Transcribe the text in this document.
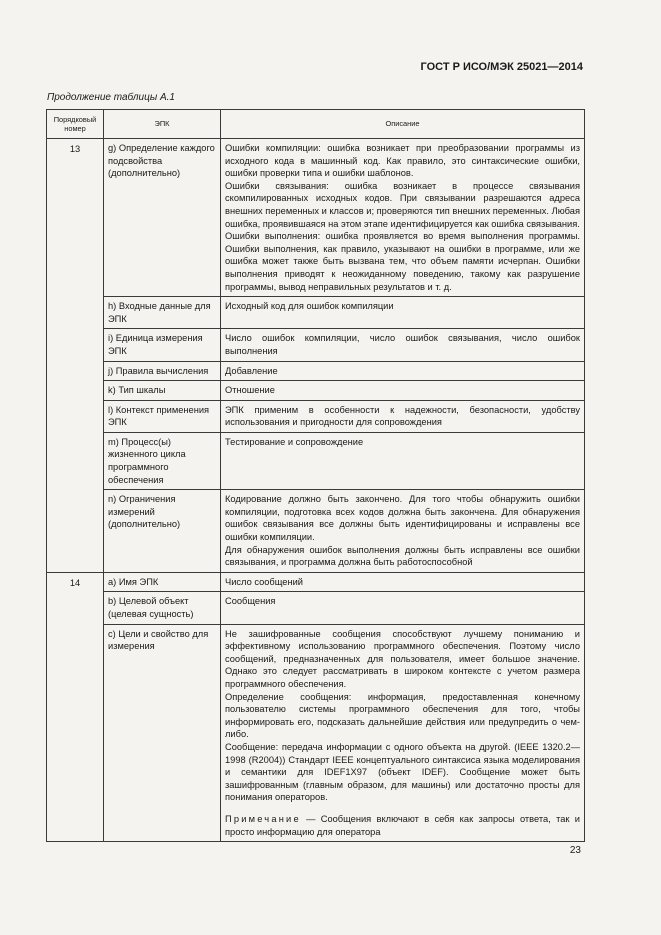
ГОСТ Р ИСО/МЭК 25021—2014
Продолжение таблицы А.1
Порядковый номер	ЭПК	Описание
13	g) Определение каждого подсвойства (дополнительно)	Ошибки компиляции: ошибка возникает при преобразовании программы из исходного кода в машинный код. Как правило, это синтаксические ошибки, ошибки проверки типа и ошибки шаблонов.

Ошибки связывания: ошибка возникает в процессе связывания скомпилированных исходных кодов. При связывании разрешаются адреса внешних переменных и классов и; проверяются тип внешних переменных. Любая ошибка, проявившаяся на этом этапе идентифицируется как ошибка связывания.

Ошибки выполнения: ошибка проявляется во время выполнения программы. Ошибки выполнения, как правило, указывают на ошибки в программе, или же ошибка может также быть вызвана тем, что объем памяти исчерпан. Ошибки выполнения приводят к неожиданному поведению, такому как разрушение программы, вывод неправильных результатов и т. д.

	h) Входные данные для ЭПК	Исходный код для ошибок компиляции
	i) Единица измерения ЭПК	Число ошибок компиляции, число ошибок связывания, число ошибок выполнения
	j) Правила вычисления	Добавление
	k) Тип шкалы	Отношение
	l) Контекст применения ЭПК	ЭПК применим в особенности к надежности, безопасности, удобству использования и пригодности для сопровождения
	m) Процесс(ы) жизненного цикла программного обеспечения	Тестирование и сопровождение
	n) Ограничения измерений (дополнительно)	Кодирование должно быть закончено. Для того чтобы обнаружить ошибки компиляции, подготовка всех кодов должна быть закончена. Для обнаружения ошибок связывания все должны быть идентифицированы и исправлены все ошибки компиляции.

Для обнаружения ошибок выполнения должны быть исправлены все ошибки связывания, и программа должна быть работоспособной

14	а) Имя ЭПК	Число сообщений
	b) Целевой объект (целевая сущность)	Сообщения
	c) Цели и свойство для измерения	Не зашифрованные сообщения способствуют лучшему пониманию и эффективному использованию программного обеспечения. Поэтому число сообщений, предназначенных для пользователя, имеет большое значение. Однако это следует рассматривать в широком контексте с учетом размера программного обеспечения.

Определение сообщения: информация, предоставленная конечному пользователю системы программного обеспечения для того, чтобы информировать его, подсказать дальнейшие действия или предупредить о чем-либо.

Сообщение: передача информации с одного объекта на другой. (IEEE 1320.2—1998 (R2004)) Стандарт IEEE концептуального синтаксиса языка моделирования и семантики для IDEF1X97 (объект IDEF). Сообщение может быть зашифрованным (главным образом, для машины) или достаточно просты для понимания операторов.

Примечание — Сообщения включают в себя как запросы ответа, так и просто информацию для оператора

23
